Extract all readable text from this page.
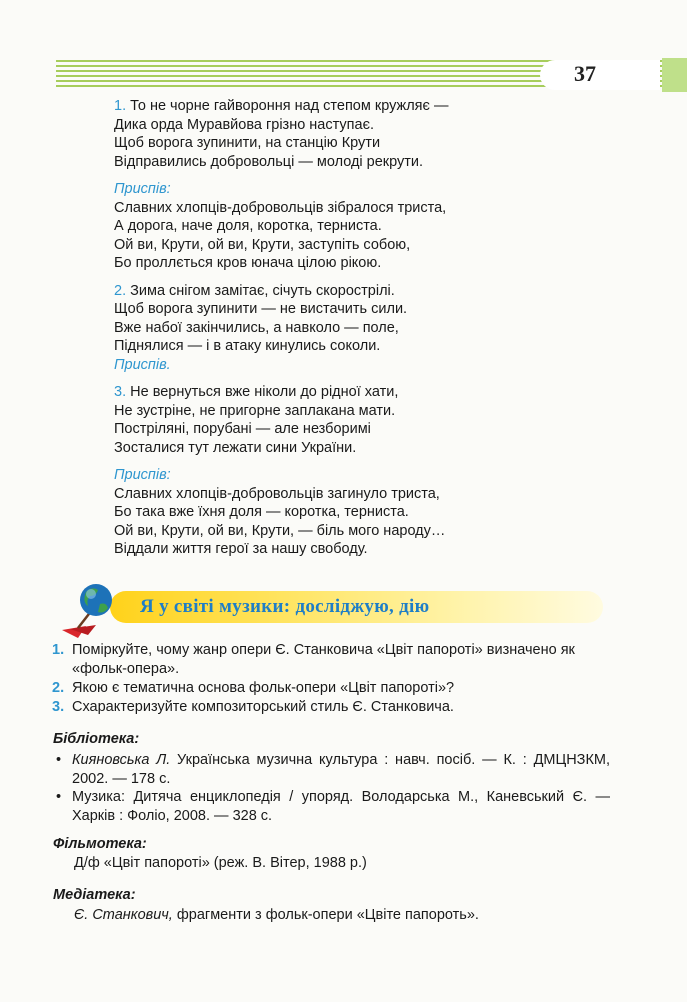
37
1. То не чорне гайвороння над степом кружляє —
Дика орда Муравйова грізно наступає.
Щоб ворога зупинити, на станцію Крути
Відправились добровольці — молоді рекрути.
Приспів:
Славних хлопців-добровольців зібралося триста,
А дорога, наче доля, коротка, терниста.
Ой ви, Крути, ой ви, Крути, заступіть собою,
Бо проллється кров юнача цілою рікою.
2. Зима снігом замітає, січуть скорострілі.
Щоб ворога зупинити — не вистачить сили.
Вже набої закінчились, а навколо — поле,
Піднялися — і в атаку кинулись соколи.
Приспів.
3. Не вернуться вже ніколи до рідної хати,
Не зустріне, не пригорне заплакана мати.
Пострiляні, порубані — але незборимі
Зосталися тут лежати сини України.
Приспів:
Славних хлопців-добровольців загинуло триста,
Бо така вже їхня доля — коротка, терниста.
Ой ви, Крути, ой ви, Крути, — біль мого народу…
Віддали життя герої за нашу свободу.
Я у світі музики: досліджую, дію
1. Поміркуйте, чому жанр опери Є. Станковича «Цвіт папороті» визначено як «фольк-опера».
2. Якою є тематична основа фольк-опери «Цвіт папороті»?
3. Схарактеризуйте композиторський стиль Є. Станковича.
Бібліотека:
• Кияновська Л. Українська музична культура : навч. посіб. — К. : ДМЦНЗКМ, 2002. — 178 с.
• Музика: Дитяча енциклопедія / упоряд. Володарська М., Каневський Є. — Харків : Фоліо, 2008. — 328 с.
Фільмотека:
Д/ф «Цвіт папороті» (реж. В. Вітер, 1988 р.)
Медіатека:
Є. Станкович, фрагменти з фольк-опери «Цвіте папороть».
